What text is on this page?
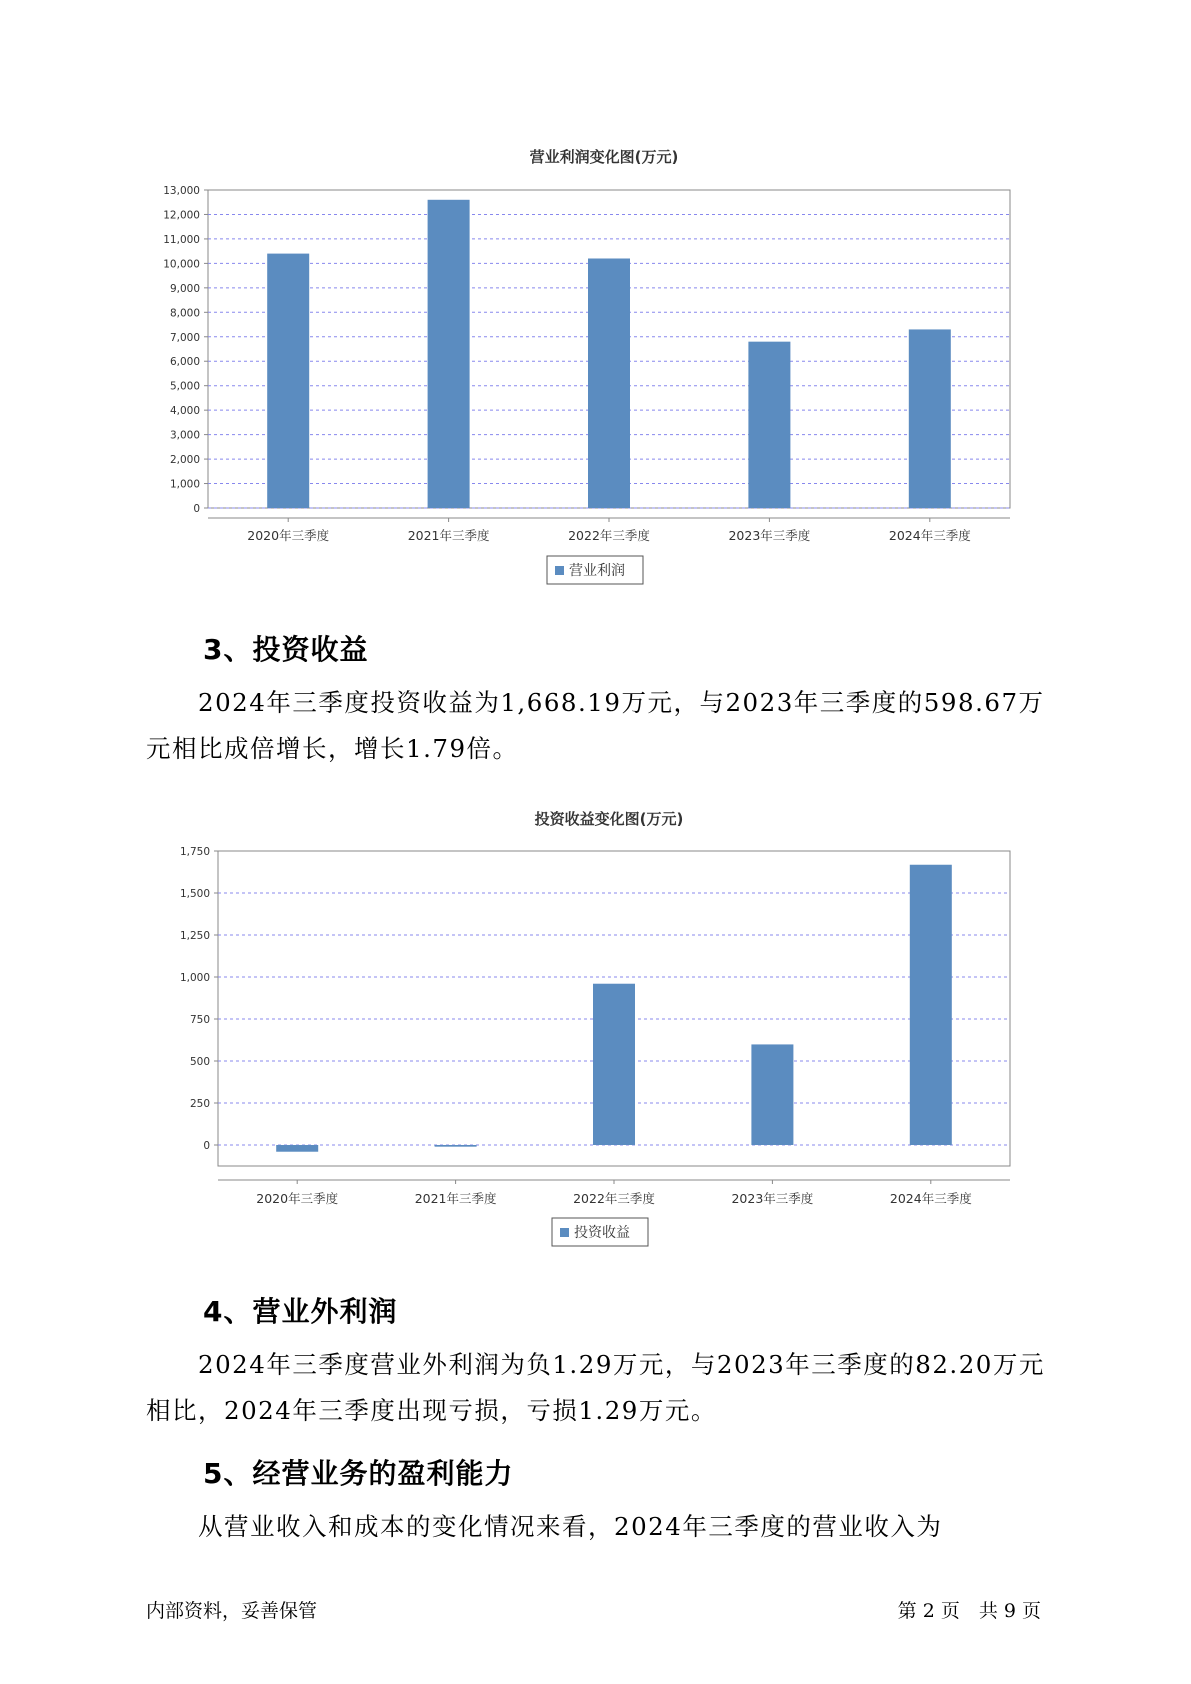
营业利润变化图(万元)
0
1,000
2,000
3,000
4,000
5,000
6,000
7,000
8,000
9,000
10,000
11,000
12,000
13,000
2020年三季度	2021年三季度	2022年三季度	2023年三季度	2024年三季度
营业利润
3、投资收益

2024年三季度投资收益为1,668.19万元，与2023年三季度的598.67万元相比成倍增长，增长1.79倍。

投资收益变化图(万元)
0
250
500
750
1,000
1,250
1,500
1,750
2020年三季度	2021年三季度	2022年三季度	2023年三季度	2024年三季度
投资收益
4、营业外利润

2024年三季度营业外利润为负1.29万元，与2023年三季度的82.20万元相比，2024年三季度出现亏损，亏损1.29万元。

5、经营业务的盈利能力

从营业收入和成本的变化情况来看，2024年三季度的营业收入为

内部资料，妥善保管	第 2 页　共 9 页
